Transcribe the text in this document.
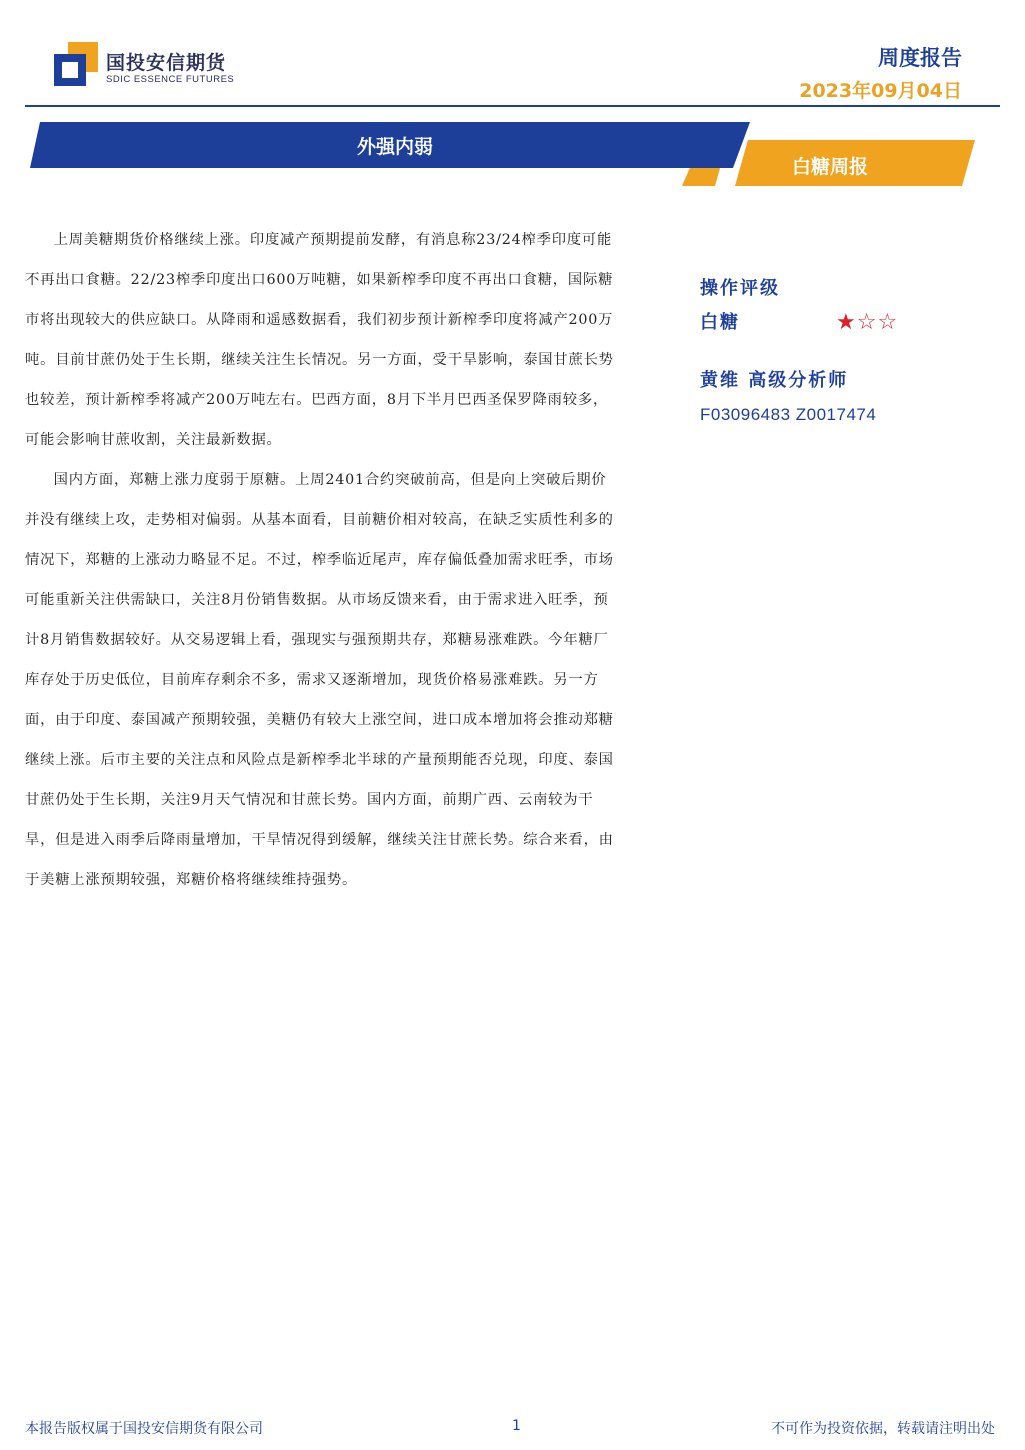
国投安信期货
SDIC ESSENCE FUTURES
周度报告
2023年09月04日
外强内弱
白糖周报

上周美糖期货价格继续上涨。印度减产预期提前发酵，有消息称23/24榨季印度可能不再出口食糖。22/23榨季印度出口600万吨糖，如果新榨季印度不再出口食糖，国际糖市将出现较大的供应缺口。从降雨和遥感数据看，我们初步预计新榨季印度将减产200万吨。目前甘蔗仍处于生长期，继续关注生长情况。另一方面，受干旱影响，泰国甘蔗长势也较差，预计新榨季将减产200万吨左右。巴西方面，8月下半月巴西圣保罗降雨较多，可能会影响甘蔗收割，关注最新数据。

国内方面，郑糖上涨力度弱于原糖。上周2401合约突破前高，但是向上突破后期价并没有继续上攻，走势相对偏弱。从基本面看，目前糖价相对较高，在缺乏实质性利多的情况下，郑糖的上涨动力略显不足。不过，榨季临近尾声，库存偏低叠加需求旺季，市场可能重新关注供需缺口，关注8月份销售数据。从市场反馈来看，由于需求进入旺季，预计8月销售数据较好。从交易逻辑上看，强现实与强预期共存，郑糖易涨难跌。今年糖厂库存处于历史低位，目前库存剩余不多，需求又逐渐增加，现货价格易涨难跌。另一方面，由于印度、泰国减产预期较强，美糖仍有较大上涨空间，进口成本增加将会推动郑糖继续上涨。后市主要的关注点和风险点是新榨季北半球的产量预期能否兑现，印度、泰国甘蔗仍处于生长期，关注9月天气情况和甘蔗长势。国内方面，前期广西、云南较为干旱，但是进入雨季后降雨量增加，干旱情况得到缓解，继续关注甘蔗长势。综合来看，由于美糖上涨预期较强，郑糖价格将继续维持强势。

操作评级
白糖	★☆☆
黄维 高级分析师
F03096483 Z0017474
本报告版权属于国投安信期货有限公司	1	不可作为投资依据，转载请注明出处
